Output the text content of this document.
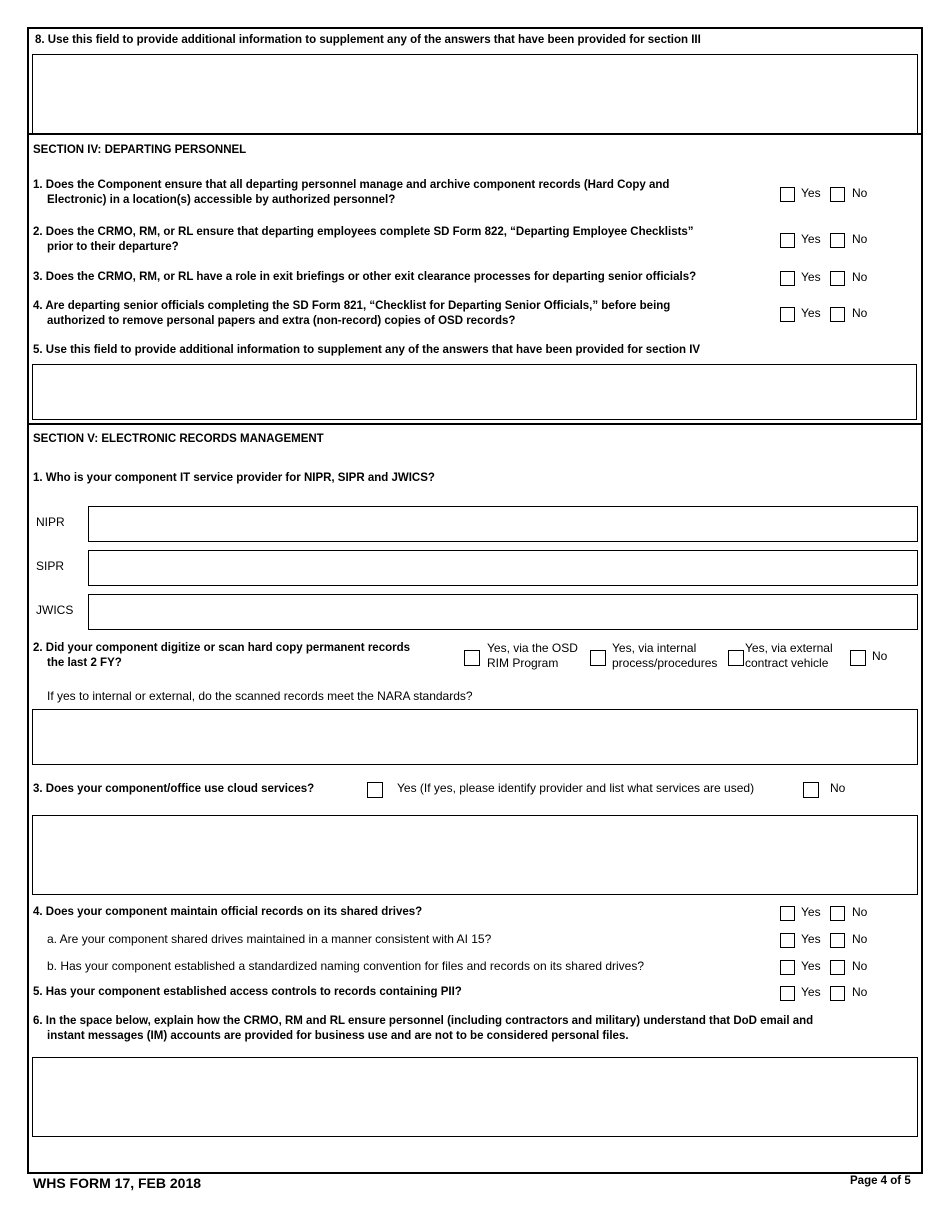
8. Use this field to provide additional information to supplement any of the answers that have been provided for section III
SECTION IV: DEPARTING PERSONNEL
1. Does the Component ensure that all departing personnel manage and archive component records (Hard Copy and
Electronic) in a location(s) accessible by authorized personnel?	Yes	No
2. Does the CRMO, RM, or RL ensure that departing employees complete SD Form 822, “Departing Employee Checklists”
prior to their departure?
Yes	No
3. Does the CRMO, RM, or RL have a role in exit briefings or other exit clearance processes for departing senior officials?	Yes	No
4. Are departing senior officials completing the SD Form 821, “Checklist for Departing Senior Officials,” before being
authorized to remove personal papers and extra (non-record) copies of OSD records?
Yes	No
5. Use this field to provide additional information to supplement any of the answers that have been provided for section IV
SECTION V: ELECTRONIC RECORDS MANAGEMENT
1. Who is your component IT service provider for NIPR, SIPR and JWICS?
NIPR
SIPR
JWICS
2. Did your component digitize or scan hard copy permanent records
the last 2 FY?
Yes, via the OSD
RIM Program
Yes, via internal
process/procedures
Yes, via external
contract vehicle	No
If yes to internal or external, do the scanned records meet the NARA standards?
3. Does your component/office use cloud services?	Yes (If yes, please identify provider and list what services are used)	No
4. Does your component maintain official records on its shared drives?	Yes	No
a. Are your component shared drives maintained in a manner consistent with AI 15?	Yes	No
b. Has your component established a standardized naming convention for files and records on its shared drives?	Yes	No
5. Has your component established access controls to records containing PII?	Yes	No
6. In the space below, explain how the CRMO, RM and RL ensure personnel (including contractors and military) understand that DoD email and
instant messages (IM) accounts are provided for business use and are not to be considered personal files.
WHS FORM 17, FEB 2018	Page 4 of 5
